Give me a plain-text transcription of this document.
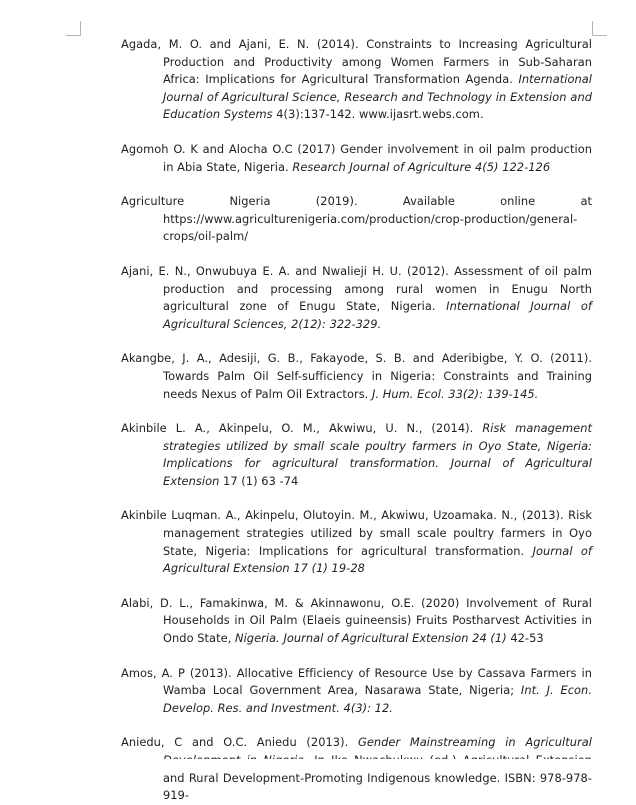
Agada, M. O. and Ajani, E. N. (2014). Constraints to Increasing Agricultural Production and Productivity among Women Farmers in Sub-Saharan Africa: Implications for Agricultural Transformation Agenda. International Journal of Agricultural Science, Research and Technology in Extension and Education Systems 4(3):137-142. www.ijasrt.webs.com.

Agomoh O. K and Alocha O.C (2017) Gender involvement in oil palm production in Abia State, Nigeria. Research Journal of Agriculture 4(5) 122-126

Agriculture Nigeria (2019). Available online at https://www.agriculturenigeria.com/production/crop-production/general-crops/oil-palm/

Ajani, E. N., Onwubuya E. A. and Nwalieji H. U. (2012). Assessment of oil palm production and processing among rural women in Enugu North agricultural zone of Enugu State, Nigeria. International Journal of Agricultural Sciences, 2(12): 322-329.

Akangbe, J. A., Adesiji, G. B., Fakayode, S. B. and Aderibigbe, Y. O. (2011). Towards Palm Oil Self-sufficiency in Nigeria: Constraints and Training needs Nexus of Palm Oil Extractors. J. Hum. Ecol. 33(2): 139-145.

Akinbile L. A., Akinpelu, O. M., Akwiwu, U. N., (2014). Risk management strategies utilized by small scale poultry farmers in Oyo State, Nigeria: Implications for agricultural transformation. Journal of Agricultural Extension 17 (1) 63 -74

Akinbile Luqman. A., Akinpelu, Olutoyin. M., Akwiwu, Uzoamaka. N., (2013). Risk management strategies utilized by small scale poultry farmers in Oyo State, Nigeria: Implications for agricultural transformation. Journal of Agricultural Extension 17 (1) 19-28

Alabi, D. L., Famakinwa, M. & Akinnawonu, O.E. (2020) Involvement of Rural Households in Oil Palm (Elaeis guineensis) Fruits Postharvest Activities in Ondo State, Nigeria. Journal of Agricultural Extension 24 (1) 42-53

Amos, A. P (2013). Allocative Efficiency of Resource Use by Cassava Farmers in Wamba Local Government Area, Nasarawa State, Nigeria; Int. J. Econ. Develop. Res. and Investment. 4(3): 12.

Aniedu, C and O.C. Aniedu (2013). Gender Mainstreaming in Agricultural and Rural Development-Promoting Indigenous knowledge. ISBN: 978-978-919-
